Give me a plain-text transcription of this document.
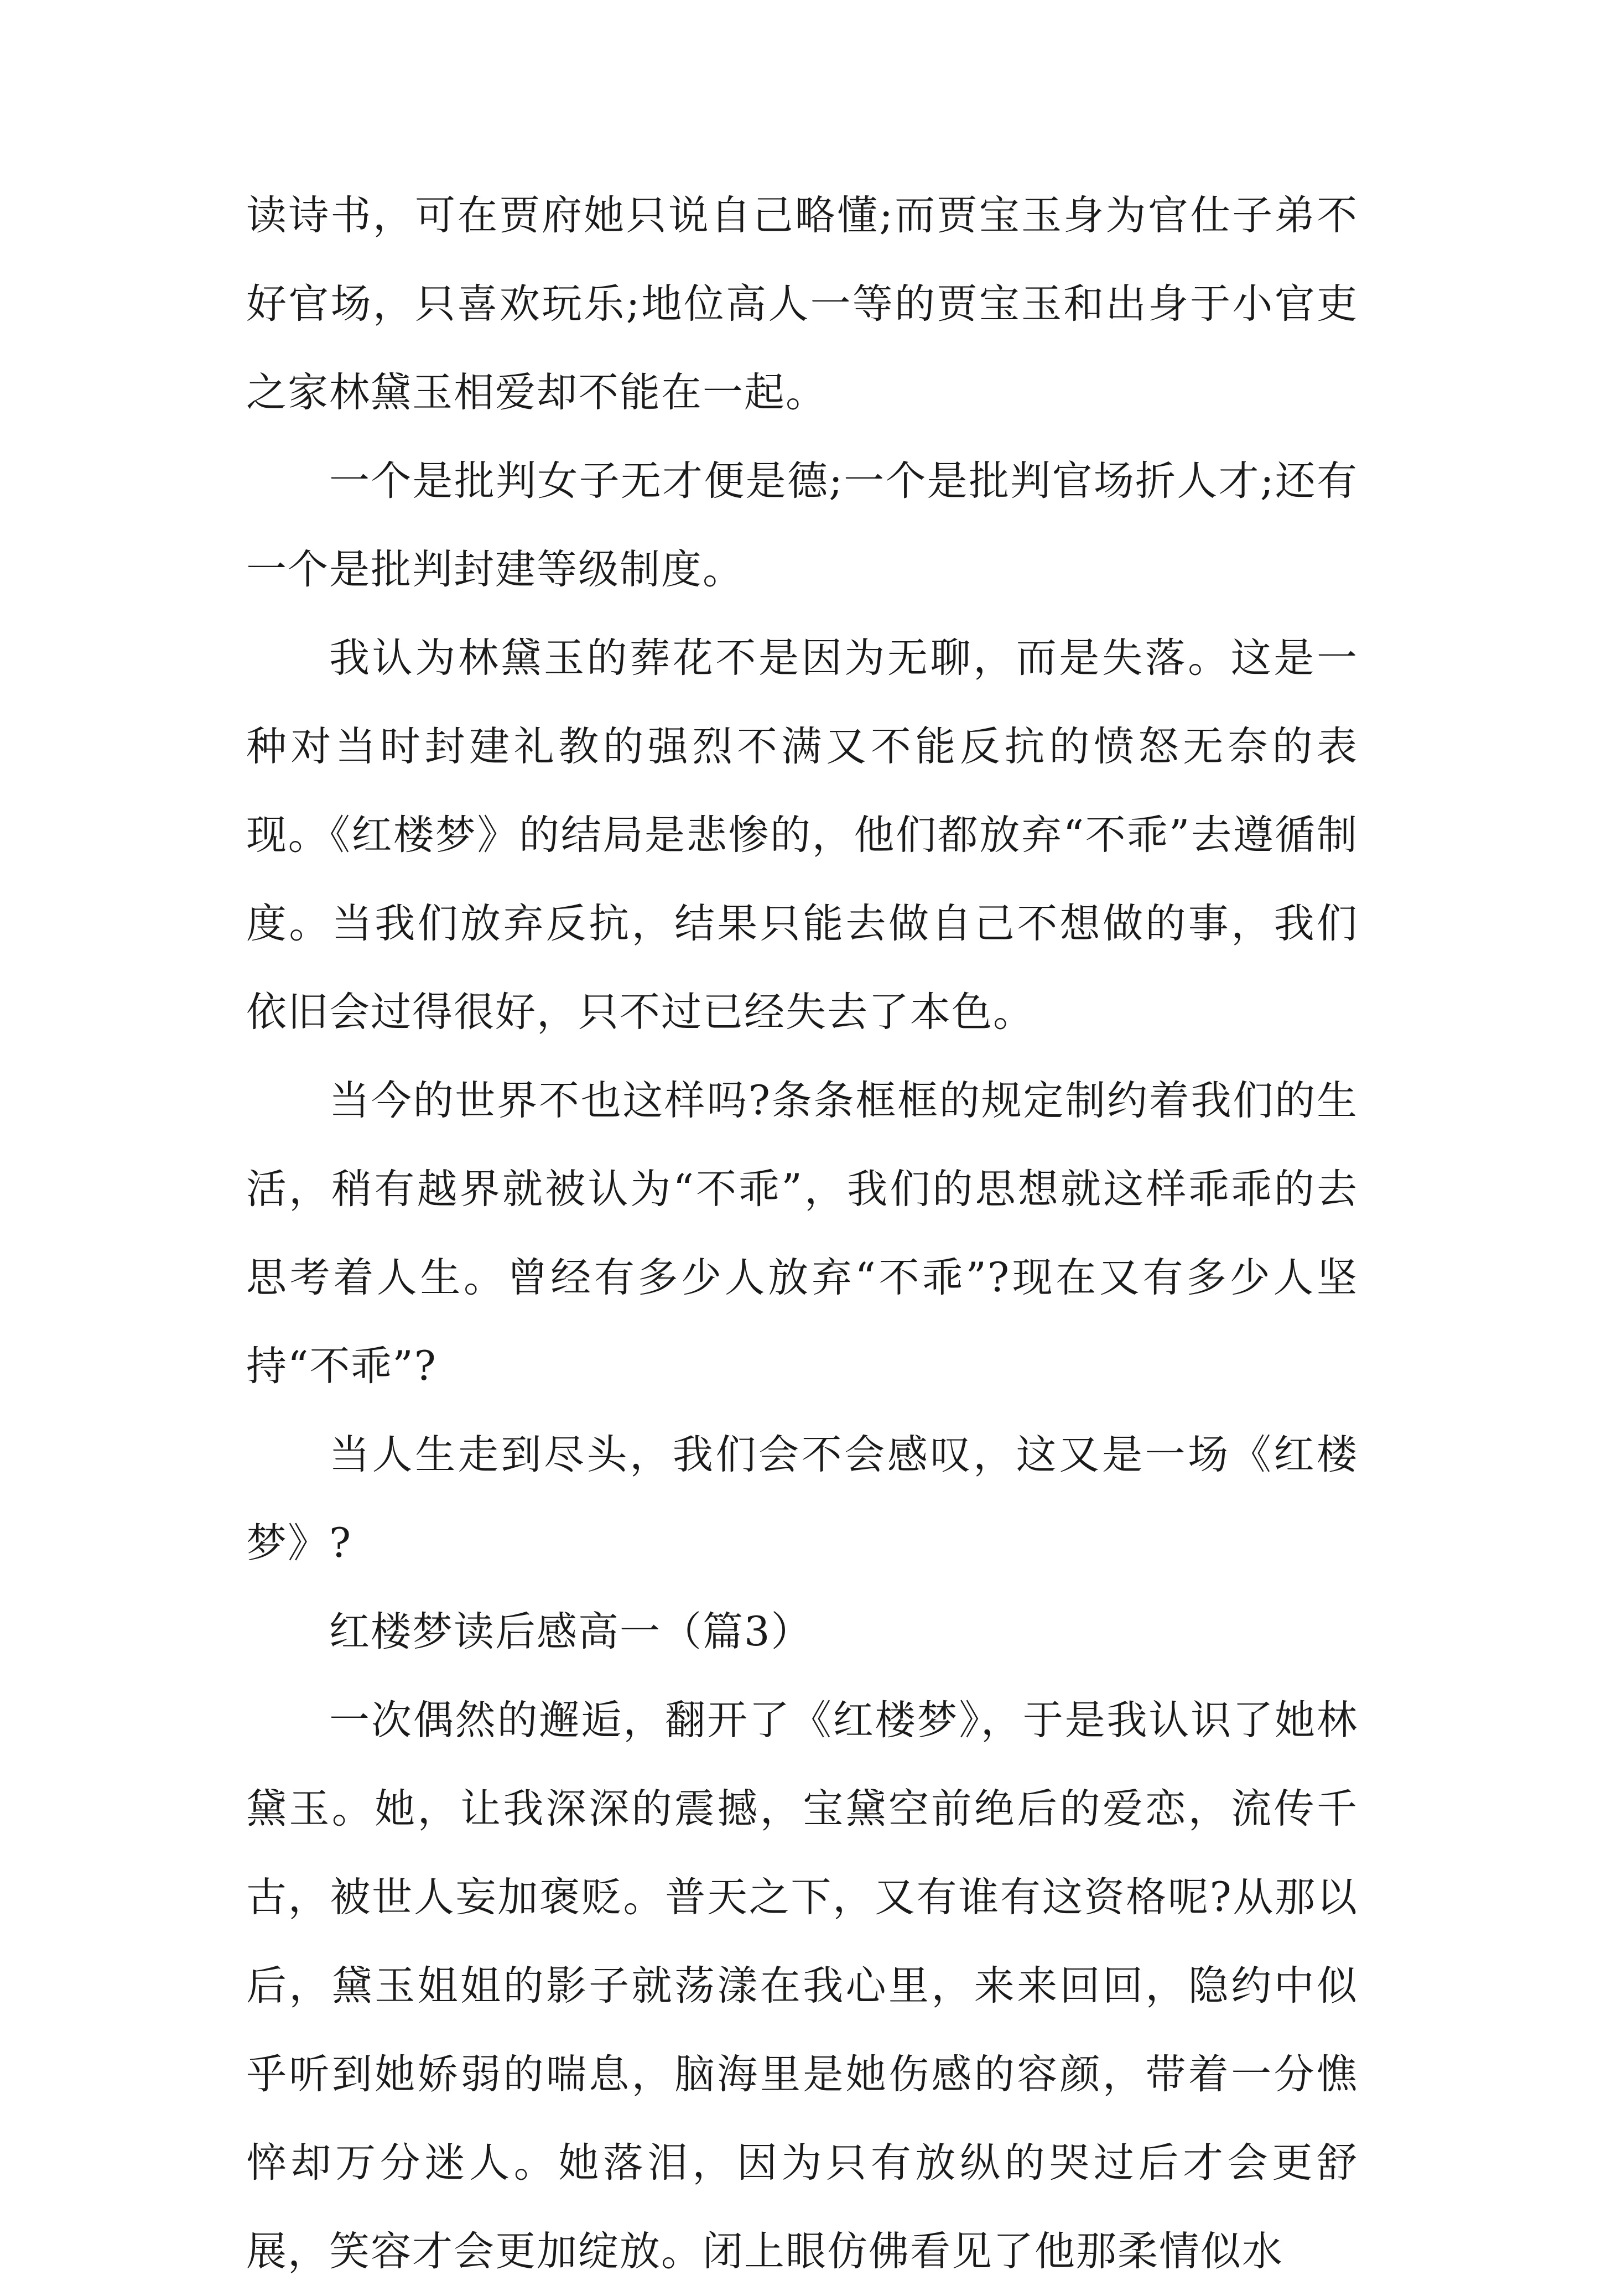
读诗书，可在贾府她只说自己略懂;而贾宝玉身为官仕子弟不好官场，只喜欢玩乐;地位高人一等的贾宝玉和出身于小官吏之家林黛玉相爱却不能在一起。

一个是批判女子无才便是德;一个是批判官场折人才;还有一个是批判封建等级制度。

我认为林黛玉的葬花不是因为无聊，而是失落。这是一种对当时封建礼教的强烈不满又不能反抗的愤怒无奈的表现。《红楼梦》的结局是悲惨的，他们都放弃“不乖”去遵循制度。当我们放弃反抗，结果只能去做自己不想做的事，我们依旧会过得很好，只不过已经失去了本色。

当今的世界不也这样吗?条条框框的规定制约着我们的生活，稍有越界就被认为“不乖”，我们的思想就这样乖乖的去思考着人生。曾经有多少人放弃“不乖”?现在又有多少人坚持“不乖”?

当人生走到尽头，我们会不会感叹，这又是一场《红楼梦》?

红楼梦读后感高一（篇3）

一次偶然的邂逅，翻开了《红楼梦》，于是我认识了她林黛玉。她，让我深深的震撼，宝黛空前绝后的爱恋，流传千古，被世人妄加褒贬。普天之下，又有谁有这资格呢?从那以后，黛玉姐姐的影子就荡漾在我心里，来来回回，隐约中似乎听到她娇弱的喘息，脑海里是她伤感的容颜，带着一分憔悴却万分迷人。她落泪，因为只有放纵的哭过后才会更舒展，笑容才会更加绽放。闭上眼仿佛看见了他那柔情似水
